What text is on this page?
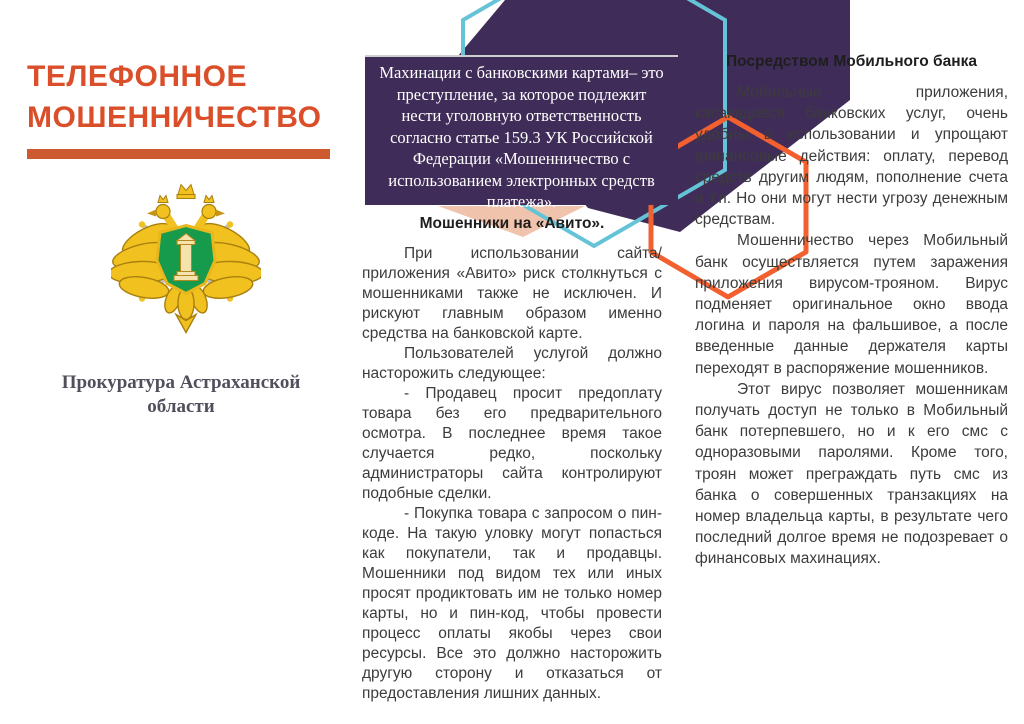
ТЕЛЕФОННОЕ
МОШЕННИЧЕСТВО
Прокуратура Астраханской
области

Махинации с банковскими картами– это преступление, за которое подлежит нести уголовную ответственность согласно статье 159.3 УК Российской Федерации «Мошенничество с использованием электронных средств платежа».

Мошенники на «Авито».

При использовании сайта/приложения «Авито» риск столкнуться с мошенниками также не исключен. И рискуют главным образом именно средства на банковской карте.

Пользователей услугой должно насторожить следующее:

- Продавец просит предоплату товара без его предварительного осмотра. В последнее время такое случается редко, поскольку администраторы сайта контролируют подобные сделки.

- Покупка товара с запросом о пин-коде. На такую уловку могут попасться как покупатели, так и продавцы. Мошенники под видом тех или иных просят продиктовать им не только номер карты, но и пин-код, чтобы провести процесс оплаты якобы через свои ресурсы. Все это должно насторожить другую сторону и отказаться от предоставления лишних данных.

Посредством Мобильного банка

Мобильные приложения, касающиеся банковских услуг, очень удобны в использовании и упрощают финансовые действия: оплату, перевод средств другим людям, пополнение счета и т.п. Но они могут нести угрозу денежным средствам.

Мошенничество через Мобильный банк осуществляется путем заражения приложения вирусом-трояном. Вирус подменяет оригинальное окно ввода логина и пароля на фальшивое, а после введенные данные держателя карты переходят в распоряжение мошенников.

Этот вирус позволяет мошенникам получать доступ не только в Мобильный банк потерпевшего, но и к его смс с одноразовыми паролями. Кроме того, троян может преграждать путь смс из банка о совершенных транзакциях на номер владельца карты, в результате чего последний долгое время не подозревает о финансовых махинациях.
